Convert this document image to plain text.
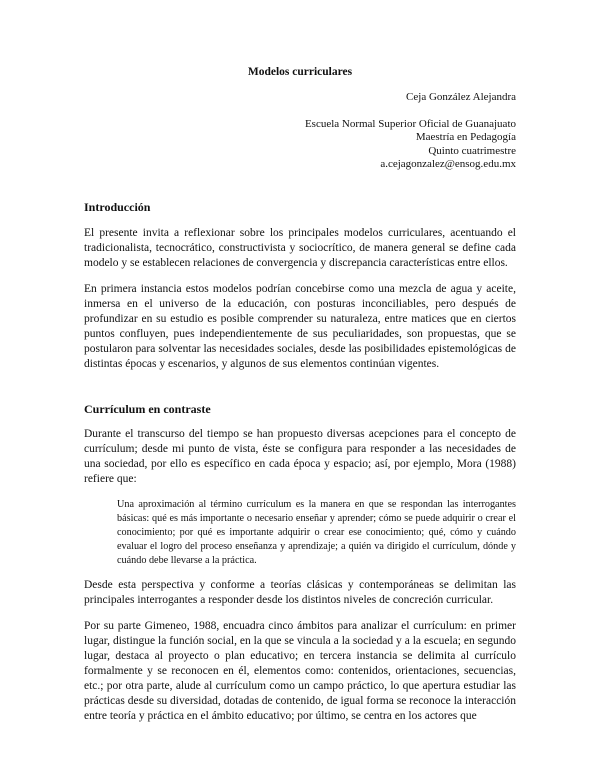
Modelos curriculares
Ceja González Alejandra
Escuela Normal Superior Oficial de Guanajuato
Maestría en Pedagogía
Quinto cuatrimestre
a.cejagonzalez@ensog.edu.mx
Introducción

El presente invita a reflexionar sobre los principales modelos curriculares, acentuando el tradicionalista, tecnocrático, constructivista y sociocrítico, de manera general se define cada modelo y se establecen relaciones de convergencia y discrepancia características entre ellos.

En primera instancia estos modelos podrían concebirse como una mezcla de agua y aceite, inmersa en el universo de la educación, con posturas inconciliables, pero después de profundizar en su estudio es posible comprender su naturaleza, entre matices que en ciertos puntos confluyen, pues independientemente de sus peculiaridades, son propuestas, que se postularon para solventar las necesidades sociales, desde las posibilidades epistemológicas de distintas épocas y escenarios, y algunos de sus elementos continúan vigentes.

Currículum en contraste

Durante el transcurso del tiempo se han propuesto diversas acepciones para el concepto de currículum; desde mi punto de vista, éste se configura para responder a las necesidades de una sociedad, por ello es específico en cada época y espacio; así, por ejemplo, Mora (1988) refiere que:

Una aproximación al término currículum es la manera en que se respondan las interrogantes básicas: qué es más importante o necesario enseñar y aprender; cómo se puede adquirir o crear el conocimiento; por qué es importante adquirir o crear ese conocimiento; qué, cómo y cuándo evaluar el logro del proceso enseñanza y aprendizaje; a quién va dirigido el currículum, dónde y cuándo debe llevarse a la práctica.

Desde esta perspectiva y conforme a teorías clásicas y contemporáneas se delimitan las principales interrogantes a responder desde los distintos niveles de concreción curricular.

Por su parte Gimeneo, 1988, encuadra cinco ámbitos para analizar el currículum: en primer lugar, distingue la función social, en la que se vincula a la sociedad y a la escuela; en segundo lugar, destaca al proyecto o plan educativo; en tercera instancia se delimita al currículo formalmente y se reconocen en él, elementos como: contenidos, orientaciones, secuencias, etc.; por otra parte, alude al currículum como un campo práctico, lo que apertura estudiar las prácticas desde su diversidad, dotadas de contenido, de igual forma se reconoce la interacción entre teoría y práctica en el ámbito educativo; por último, se centra en los actores que
